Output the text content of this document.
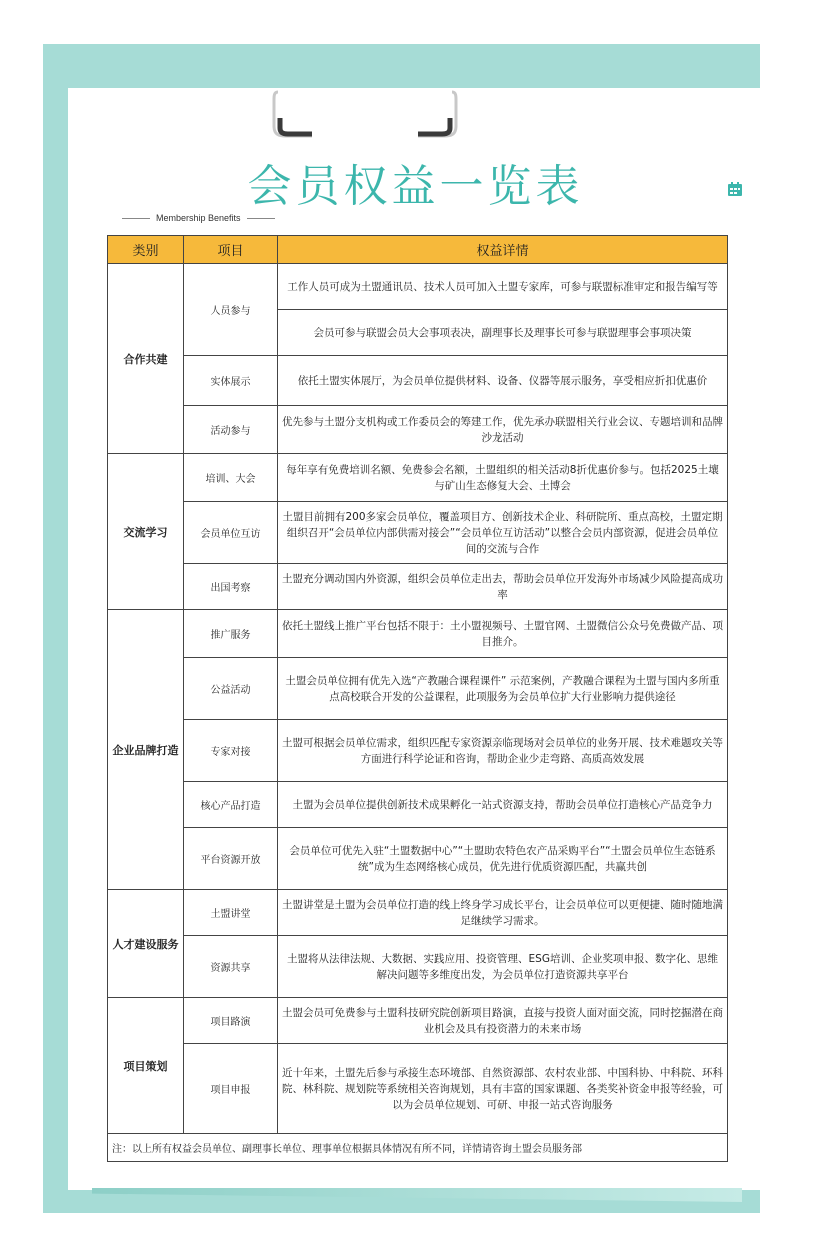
会员权益一览表
Membership Benefits
类别	项目	权益详情
合作共建	人员参与	工作人员可成为土盟通讯员、技术人员可加入土盟专家库，可参与联盟标准审定和报告编写等
		会员可参与联盟会员大会事项表决，副理事长及理事长可参与联盟理事会事项决策
	实体展示	依托土盟实体展厅，为会员单位提供材料、设备、仪器等展示服务，享受相应折扣优惠价
	活动参与	优先参与土盟分支机构或工作委员会的筹建工作，优先承办联盟相关行业会议、专题培训和品牌沙龙活动
交流学习	培训、大会	每年享有免费培训名额、免费参会名额，土盟组织的相关活动8折优惠价参与。包括2025土壤与矿山生态修复大会、土博会
	会员单位互访	土盟目前拥有200多家会员单位，覆盖项目方、创新技术企业、科研院所、重点高校，土盟定期组织召开“会员单位内部供需对接会”“会员单位互访活动”以整合会员内部资源，促进会员单位间的交流与合作
	出国考察	土盟充分调动国内外资源，组织会员单位走出去，帮助会员单位开发海外市场减少风险提高成功率
企业品牌打造	推广服务	依托土盟线上推广平台包括不限于：土小盟视频号、土盟官网、土盟微信公众号免费做产品、项目推介。
	公益活动	土盟会员单位拥有优先入选“产教融合课程课件” 示范案例，产教融合课程为土盟与国内多所重点高校联合开发的公益课程，此项服务为会员单位扩大行业影响力提供途径
	专家对接	土盟可根据会员单位需求，组织匹配专家资源亲临现场对会员单位的业务开展、技术难题攻关等方面进行科学论证和咨询，帮助企业少走弯路、高质高效发展
	核心产品打造	土盟为会员单位提供创新技术成果孵化一站式资源支持，帮助会员单位打造核心产品竞争力
	平台资源开放	会员单位可优先入驻“土盟数据中心”“土盟助农特色农产品采购平台”“土盟会员单位生态链系统”成为生态网络核心成员，优先进行优质资源匹配，共赢共创
人才建设服务	土盟讲堂	土盟讲堂是土盟为会员单位打造的线上终身学习成长平台，让会员单位可以更便捷、随时随地满足继续学习需求。
	资源共享	土盟将从法律法规、大数据、实践应用、投资管理、ESG培训、企业奖项申报、数字化、思维解决问题等多维度出发，为会员单位打造资源共享平台
项目策划	项目路演	土盟会员可免费参与土盟科技研究院创新项目路演，直接与投资人面对面交流，同时挖掘潜在商业机会及具有投资潜力的未来市场
	项目申报	近十年来，土盟先后参与承接生态环境部、自然资源部、农村农业部、中国科协、中科院、环科院、林科院、规划院等系统相关咨询规划，具有丰富的国家课题、各类奖补资金申报等经验，可以为会员单位规划、可研、申报一站式咨询服务
注：以上所有权益会员单位、副理事长单位、理事单位根据具体情况有所不同，详情请咨询土盟会员服务部		
